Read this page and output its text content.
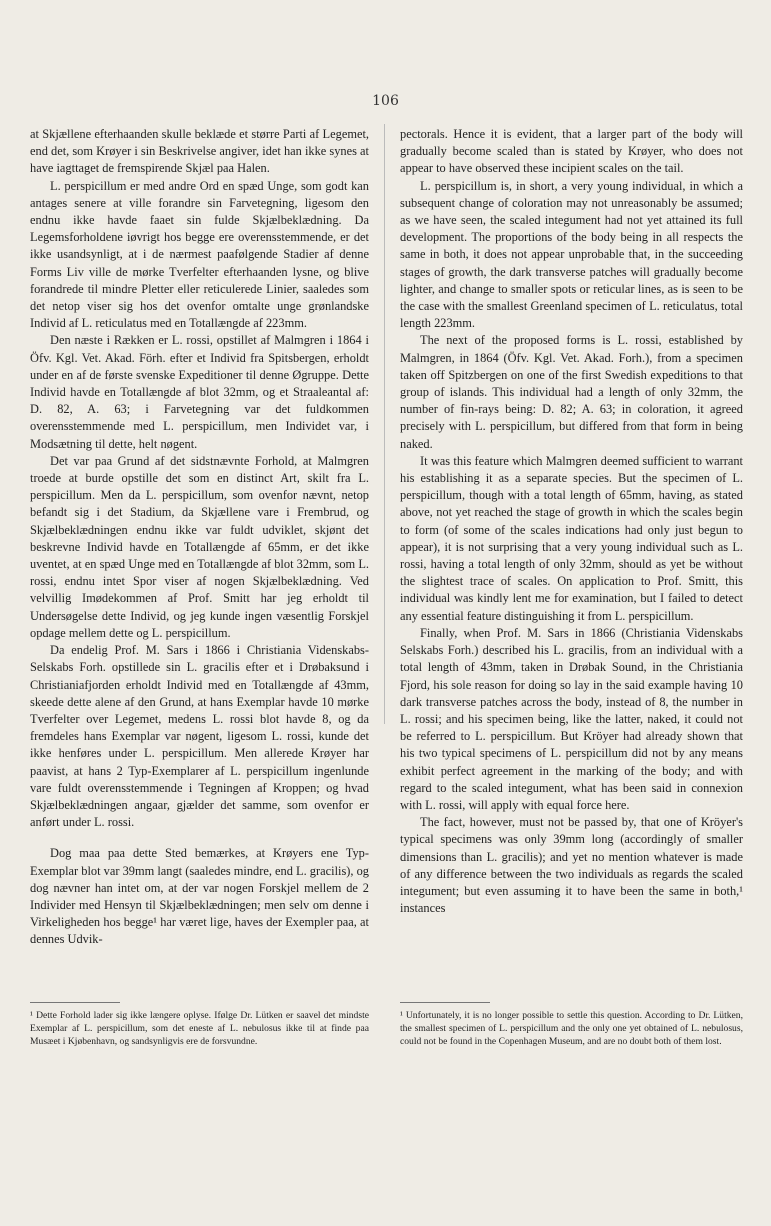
106

at Skjællene efterhaanden skulle beklæde et større Parti af Legemet, end det, som Krøyer i sin Beskrivelse angiver, idet han ikke synes at have iagttaget de fremspirende Skjæl paa Halen.

L. perspicillum er med andre Ord en spæd Unge, som godt kan antages senere at ville forandre sin Farvetegning, ligesom den endnu ikke havde faaet sin fulde Skjælbeklædning. Da Legemsforholdene iøvrigt hos begge ere overensstemmende, er det ikke usandsynligt, at i de nærmest paafølgende Stadier af denne Forms Liv ville de mørke Tverfelter efterhaanden lysne, og blive forandrede til mindre Pletter eller reticulerede Linier, saaledes som det netop viser sig hos det ovenfor omtalte unge grønlandske Individ af L. reticulatus med en Totallængde af 223mm.

Den næste i Rækken er L. rossi, opstillet af Malmgren i 1864 i Öfv. Kgl. Vet. Akad. Förh. efter et Individ fra Spitsbergen, erholdt under en af de første svenske Expeditioner til denne Øgruppe. Dette Individ havde en Totallængde af blot 32mm, og et Straaleantal af: D. 82, A. 63; i Farvetegning var det fuldkommen overensstemmende med L. perspicillum, men Individet var, i Modsætning til dette, helt nøgent.

Det var paa Grund af det sidstnævnte Forhold, at Malmgren troede at burde opstille det som en distinct Art, skilt fra L. perspicillum. Men da L. perspicillum, som ovenfor nævnt, netop befandt sig i det Stadium, da Skjællene vare i Frembrud, og Skjælbeklædningen endnu ikke var fuldt udviklet, skjønt det beskrevne Individ havde en Totallængde af 65mm, er det ikke uventet, at en spæd Unge med en Totallængde af blot 32mm, som L. rossi, endnu intet Spor viser af nogen Skjælbeklædning. Ved velvillig Imødekommen af Prof. Smitt har jeg erholdt til Undersøgelse dette Individ, og jeg kunde ingen væsentlig Forskjel opdage mellem dette og L. perspicillum.

Da endelig Prof. M. Sars i 1866 i Christiania Videnskabs-Selskabs Forh. opstillede sin L. gracilis efter et i Drøbaksund i Christianiafjorden erholdt Individ med en Totallængde af 43mm, skeede dette alene af den Grund, at hans Exemplar havde 10 mørke Tverfelter over Legemet, medens L. rossi blot havde 8, og da fremdeles hans Exemplar var nøgent, ligesom L. rossi, kunde det ikke henføres under L. perspicillum. Men allerede Krøyer har paavist, at hans 2 Typ-Exemplarer af L. perspicillum ingenlunde vare fuldt overensstemmende i Tegningen af Kroppen; og hvad Skjælbeklædningen angaar, gjælder det samme, som ovenfor er anført under L. rossi.

Dog maa paa dette Sted bemærkes, at Krøyers ene Typ-Exemplar blot var 39mm langt (saaledes mindre, end L. gracilis), og dog nævner han intet om, at der var nogen Forskjel mellem de 2 Individer med Hensyn til Skjælbeklædningen; men selv om denne i Virkeligheden hos begge¹ har været lige, haves der Exempler paa, at dennes Udvik-

pectorals. Hence it is evident, that a larger part of the body will gradually become scaled than is stated by Krøyer, who does not appear to have observed these incipient scales on the tail.

L. perspicillum is, in short, a very young individual, in which a subsequent change of coloration may not unreasonably be assumed; as we have seen, the scaled integument had not yet attained its full development. The proportions of the body being in all respects the same in both, it does not appear unprobable that, in the succeeding stages of growth, the dark transverse patches will gradually become lighter, and change to smaller spots or reticular lines, as is seen to be the case with the smallest Greenland specimen of L. reticulatus, total length 223mm.

The next of the proposed forms is L. rossi, established by Malmgren, in 1864 (Öfv. Kgl. Vet. Akad. Forh.), from a specimen taken off Spitzbergen on one of the first Swedish expeditions to that group of islands. This individual had a length of only 32mm, the number of fin-rays being: D. 82; A. 63; in coloration, it agreed precisely with L. perspicillum, but differed from that form in being naked.

It was this feature which Malmgren deemed sufficient to warrant his establishing it as a separate species. But the specimen of L. perspicillum, though with a total length of 65mm, having, as stated above, not yet reached the stage of growth in which the scales begin to form (of some of the scales indications had only just begun to appear), it is not surprising that a very young individual such as L. rossi, having a total length of only 32mm, should as yet be without the slightest trace of scales. On application to Prof. Smitt, this individual was kindly lent me for examination, but I failed to detect any essential feature distinguishing it from L. perspicillum.

Finally, when Prof. M. Sars in 1866 (Christiania Videnskabs Selskabs Forh.) described his L. gracilis, from an individual with a total length of 43mm, taken in Drøbak Sound, in the Christiania Fjord, his sole reason for doing so lay in the said example having 10 dark transverse patches across the body, instead of 8, the number in L. rossi; and his specimen being, like the latter, naked, it could not be referred to L. perspicillum. But Kröyer had already shown that his two typical specimens of L. perspicillum did not by any means exhibit perfect agreement in the marking of the body; and with regard to the scaled integument, what has been said in connexion with L. rossi, will apply with equal force here.

The fact, however, must not be passed by, that one of Kröyer's typical specimens was only 39mm long (accordingly of smaller dimensions than L. gracilis); and yet no mention whatever is made of any difference between the two individuals as regards the scaled integument; but even assuming it to have been the same in both,¹ instances

¹ Dette Forhold lader sig ikke længere oplyse. Ifølge Dr. Lütken er saavel det mindste Exemplar af L. perspicillum, som det eneste af L. nebulosus ikke til at finde paa Musæet i Kjøbenhavn, og sandsynligvis ere de forsvundne.
¹ Unfortunately, it is no longer possible to settle this question. According to Dr. Lütken, the smallest specimen of L. perspicillum and the only one yet obtained of L. nebulosus, could not be found in the Copenhagen Museum, and are no doubt both of them lost.
